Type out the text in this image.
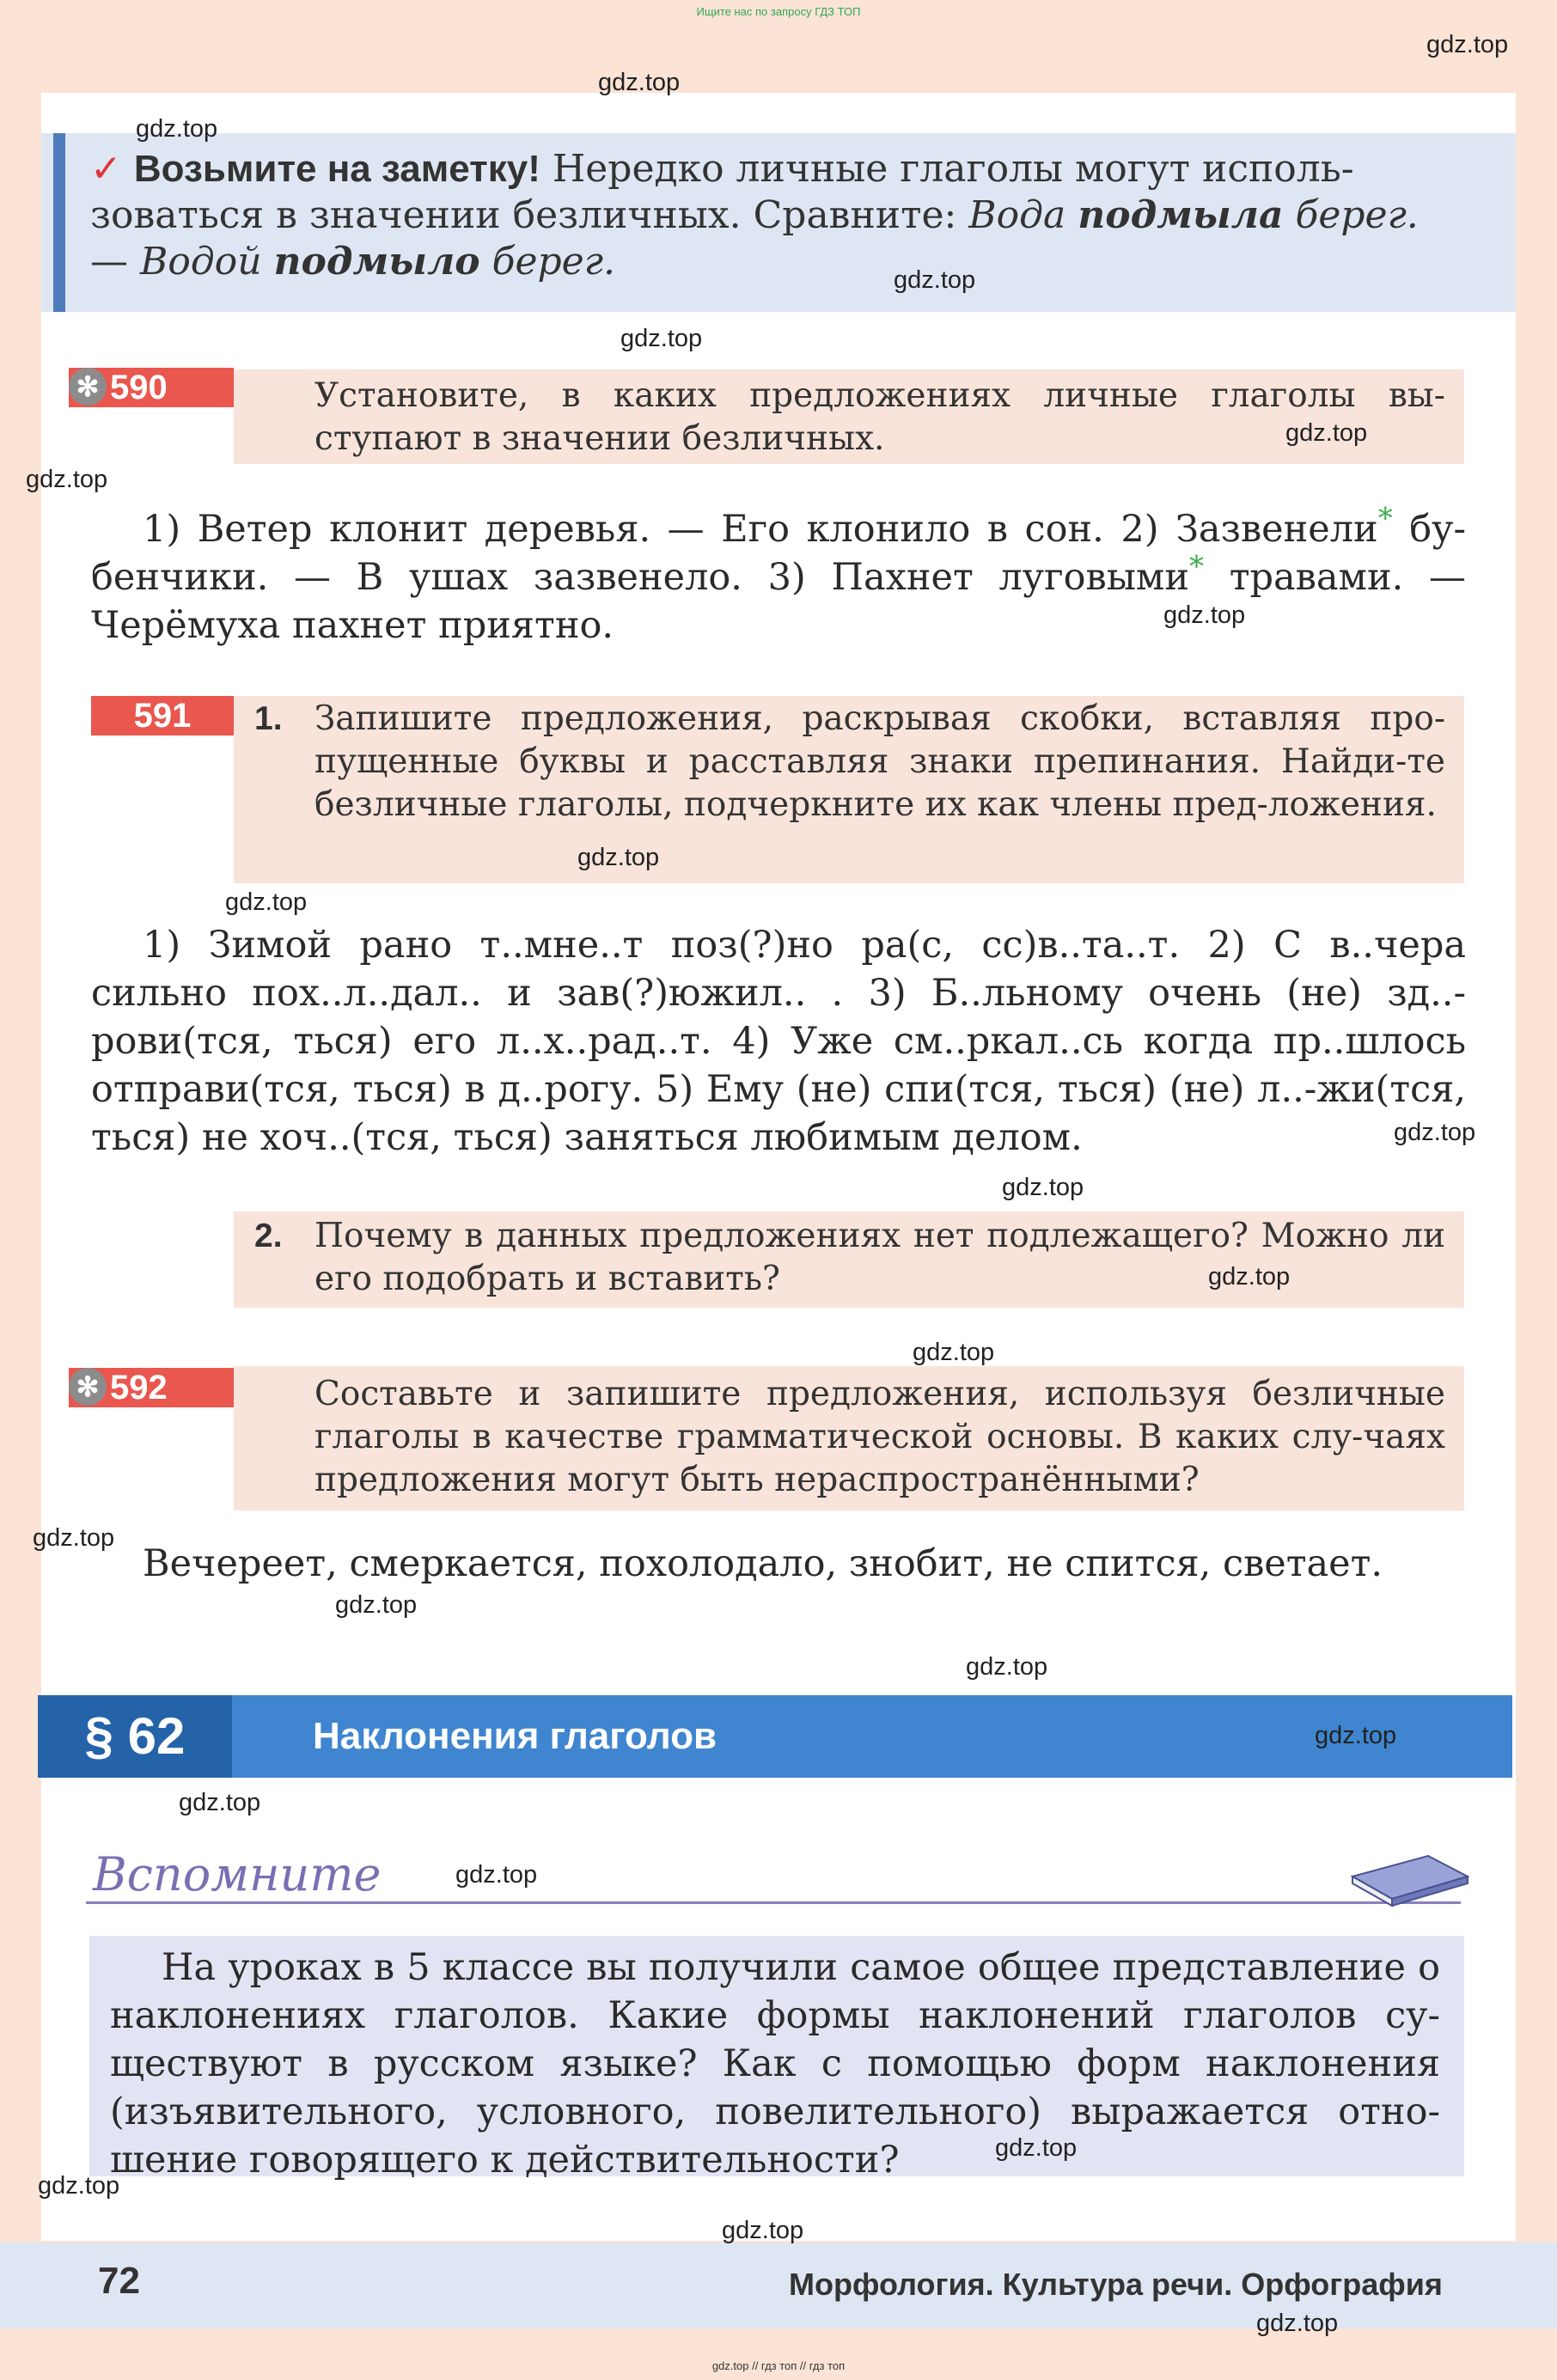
Ищите нас по запросу ГДЗ ТОП
✓ Возьмите на заметку! Нередко личные глаголы могут исполь-зоваться в значении безличных. Сравните: Вода подмыла берег. — Водой подмыло берег.
✻ 590	Установите, в каких предложениях личные глаголы вы-ступают в значении безличных.
1) Ветер клонит деревья. — Его клонило в сон. 2) Зазвенели* бу-бенчики. — В ушах зазвенело. 3) Пахнет луговыми* травами. — Черёмуха пахнет приятно.
591	1. Запишите предложения, раскрывая скобки, вставляя про-пущенные буквы и расставляя знаки препинания. Найди-те безличные глаголы, подчеркните их как члены пред-ложения.
1) Зимой рано т..мне..т поз(?)но ра(с, сс)в..та..т. 2) С в..чера сильно пох..л..дал.. и зав(?)южил.. . 3) Б..льному очень (не) зд..-рови(тся, ться) его л..х..рад..т. 4) Уже см..ркал..сь когда пр..шлось отправи(тся, ться) в д..рогу. 5) Ему (не) спи(тся, ться) (не) л..-жи(тся, ться) не хоч..(тся, ться) заняться любимым делом.
2. Почему в данных предложениях нет подлежащего? Можно ли его подобрать и вставить?
✻ 592	Составьте и запишите предложения, используя безличные глаголы в качестве грамматической основы. В каких слу-чаях предложения могут быть нераспространёнными?
Вечереет, смеркается, похолодало, знобит, не спится, светает.
§ 62	Наклонения глаголов
Вспомните
На уроках в 5 классе вы получили самое общее представление о наклонениях глаголов. Какие формы наклонений глаголов су-ществуют в русском языке? Как с помощью форм наклонения (изъявительного, условного, повелительного) выражается отно-шение говорящего к действительности?
72	Морфология. Культура речи. Орфография
gdz.top // гдз топ // гдз топ
gdz.top
gdz.top
gdz.top
gdz.top
gdz.top
gdz.top
gdz.top
gdz.top
gdz.top
gdz.top
gdz.top
gdz.top
gdz.top
gdz.top
gdz.top
gdz.top
gdz.top
gdz.top
gdz.top
gdz.top
gdz.top
gdz.top
gdz.top
gdz.top
